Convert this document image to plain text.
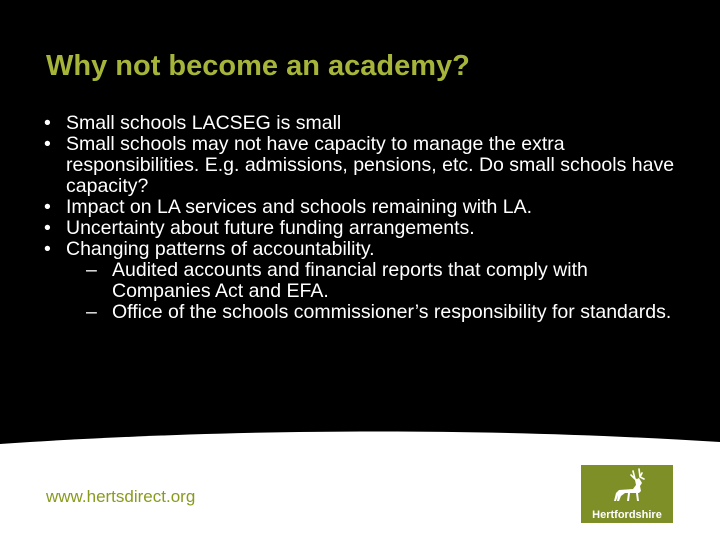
Why not become an academy?
• Small schools LACSEG is small
• Small schools may not have capacity to manage the extra responsibilities. E.g. admissions, pensions, etc. Do small schools have capacity?
• Impact on LA services and schools remaining with LA.
• Uncertainty about future funding arrangements.
• Changing patterns of accountability.
– Audited accounts and financial reports that comply with Companies Act and EFA.
– Office of the schools commissioner’s responsibility for standards.
www.hertsdirect.org
Hertfordshire
